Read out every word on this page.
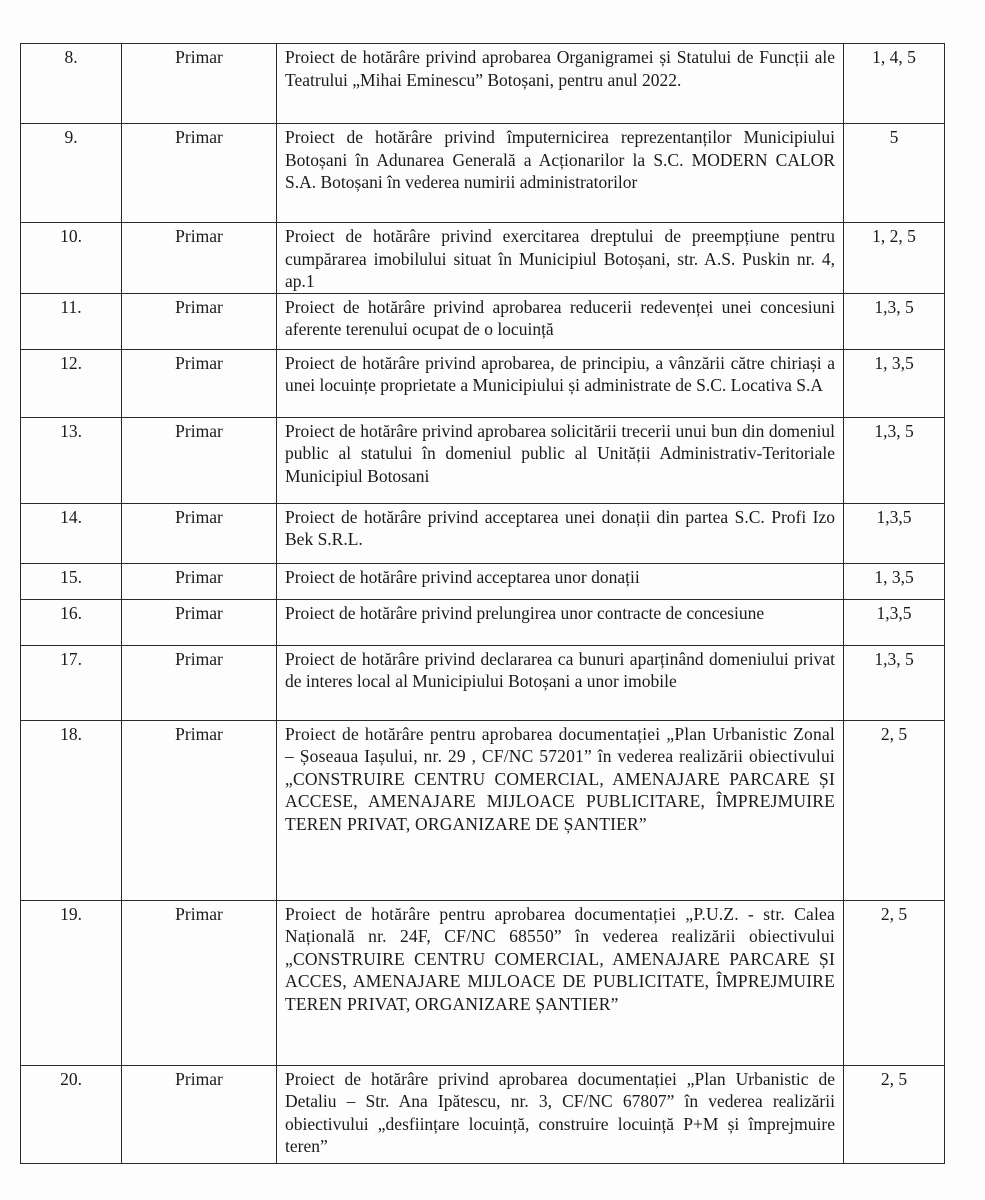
8.	Primar	Proiect de hotărâre privind aprobarea Organigramei și Statului de Funcții ale Teatrului „Mihai Eminescu” Botoșani, pentru anul 2022.	1, 4, 5
9.	Primar	Proiect de hotărâre privind împuternicirea reprezentanților Municipiului Botoșani în Adunarea Generală a Acționarilor la S.C. MODERN CALOR S.A. Botoșani în vederea numirii administratorilor	5
10.	Primar	Proiect de hotărâre privind exercitarea dreptului de preempțiune pentru cumpărarea imobilului situat în Municipiul Botoșani, str. A.S. Puskin nr. 4, ap.1	1, 2, 5
11.	Primar	Proiect de hotărâre privind aprobarea reducerii redevenței unei concesiuni aferente terenului ocupat de o locuință	1,3, 5
12.	Primar	Proiect de hotărâre privind aprobarea, de principiu, a vânzării către chiriași a unei locuințe proprietate a Municipiului și administrate de S.C. Locativa S.A	1, 3,5
13.	Primar	Proiect de hotărâre privind aprobarea solicitării trecerii unui bun din domeniul public al statului în domeniul public al Unității Administrativ-Teritoriale Municipiul Botosani	1,3, 5
14.	Primar	Proiect de hotărâre privind acceptarea unei donații din partea S.C. Profi Izo Bek S.R.L.	1,3,5
15.	Primar	Proiect de hotărâre privind acceptarea unor donații	1, 3,5
16.	Primar	Proiect de hotărâre privind prelungirea unor contracte de concesiune	1,3,5
17.	Primar	Proiect de hotărâre privind declararea ca bunuri aparținând domeniului privat de interes local al Municipiului Botoșani a unor imobile	1,3, 5
18.	Primar	Proiect de hotărâre pentru aprobarea documentației „Plan Urbanistic Zonal – Șoseaua Iașului, nr. 29 , CF/NC 57201” în vederea realizării obiectivului „CONSTRUIRE CENTRU COMERCIAL, AMENAJARE PARCARE ȘI ACCESE, AMENAJARE MIJLOACE PUBLICITARE, ÎMPREJMUIRE TEREN PRIVAT, ORGANIZARE DE ȘANTIER”	2, 5
19.	Primar	Proiect de hotărâre pentru aprobarea documentației „P.U.Z. - str. Calea Națională nr. 24F, CF/NC 68550” în vederea realizării obiectivului „CONSTRUIRE CENTRU COMERCIAL, AMENAJARE PARCARE ȘI ACCES, AMENAJARE MIJLOACE DE PUBLICITATE, ÎMPREJMUIRE TEREN PRIVAT, ORGANIZARE ȘANTIER”	2, 5
20.	Primar	Proiect de hotărâre privind aprobarea documentației „Plan Urbanistic de Detaliu – Str. Ana Ipătescu, nr. 3, CF/NC 67807” în vederea realizării obiectivului „desființare locuință, construire locuință P+M și împrejmuire teren”	2, 5
